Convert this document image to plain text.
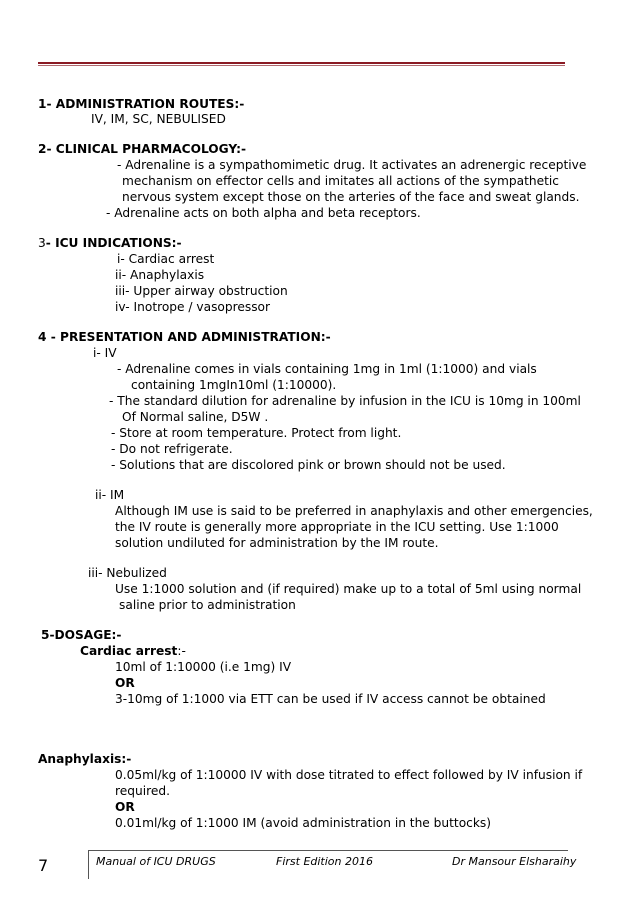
1- ADMINISTRATION ROUTES:-
IV, IM, SC, NEBULISED
2- CLINICAL PHARMACOLOGY:-
- Adrenaline is a sympathomimetic drug. It activates an adrenergic receptive
mechanism on effector cells and imitates all actions of the sympathetic
nervous system except those on the arteries of the face and sweat glands.
- Adrenaline acts on both alpha and beta receptors.
3- ICU INDICATIONS:-
i- Cardiac arrest
ii- Anaphylaxis
iii- Upper airway obstruction
iv- Inotrope / vasopressor
4 - PRESENTATION AND ADMINISTRATION:-
i- IV
- Adrenaline comes in vials containing 1mg in 1ml (1:1000) and vials
containing 1mgIn10ml (1:10000).
- The standard dilution for adrenaline by infusion in the ICU is 10mg in 100ml
Of Normal saline, D5W .
- Store at room temperature. Protect from light.
- Do not refrigerate.
- Solutions that are discolored pink or brown should not be used.
ii- IM
Although IM use is said to be preferred in anaphylaxis and other emergencies,
the IV route is generally more appropriate in the ICU setting. Use 1:1000
solution undiluted for administration by the IM route.
iii- Nebulized
Use 1:1000 solution and (if required) make up to a total of 5ml using normal
saline prior to administration
5-DOSAGE:-
Cardiac arrest:-
10ml of 1:10000 (i.e 1mg) IV
OR
3-10mg of 1:1000 via ETT can be used if IV access cannot be obtained
Anaphylaxis:-
0.05ml/kg of 1:10000 IV with dose titrated to effect followed by IV infusion if
required.
OR
0.01ml/kg of 1:1000 IM (avoid administration in the buttocks)
7	Manual of ICU DRUGS	First Edition 2016	Dr Mansour Elsharaihy
